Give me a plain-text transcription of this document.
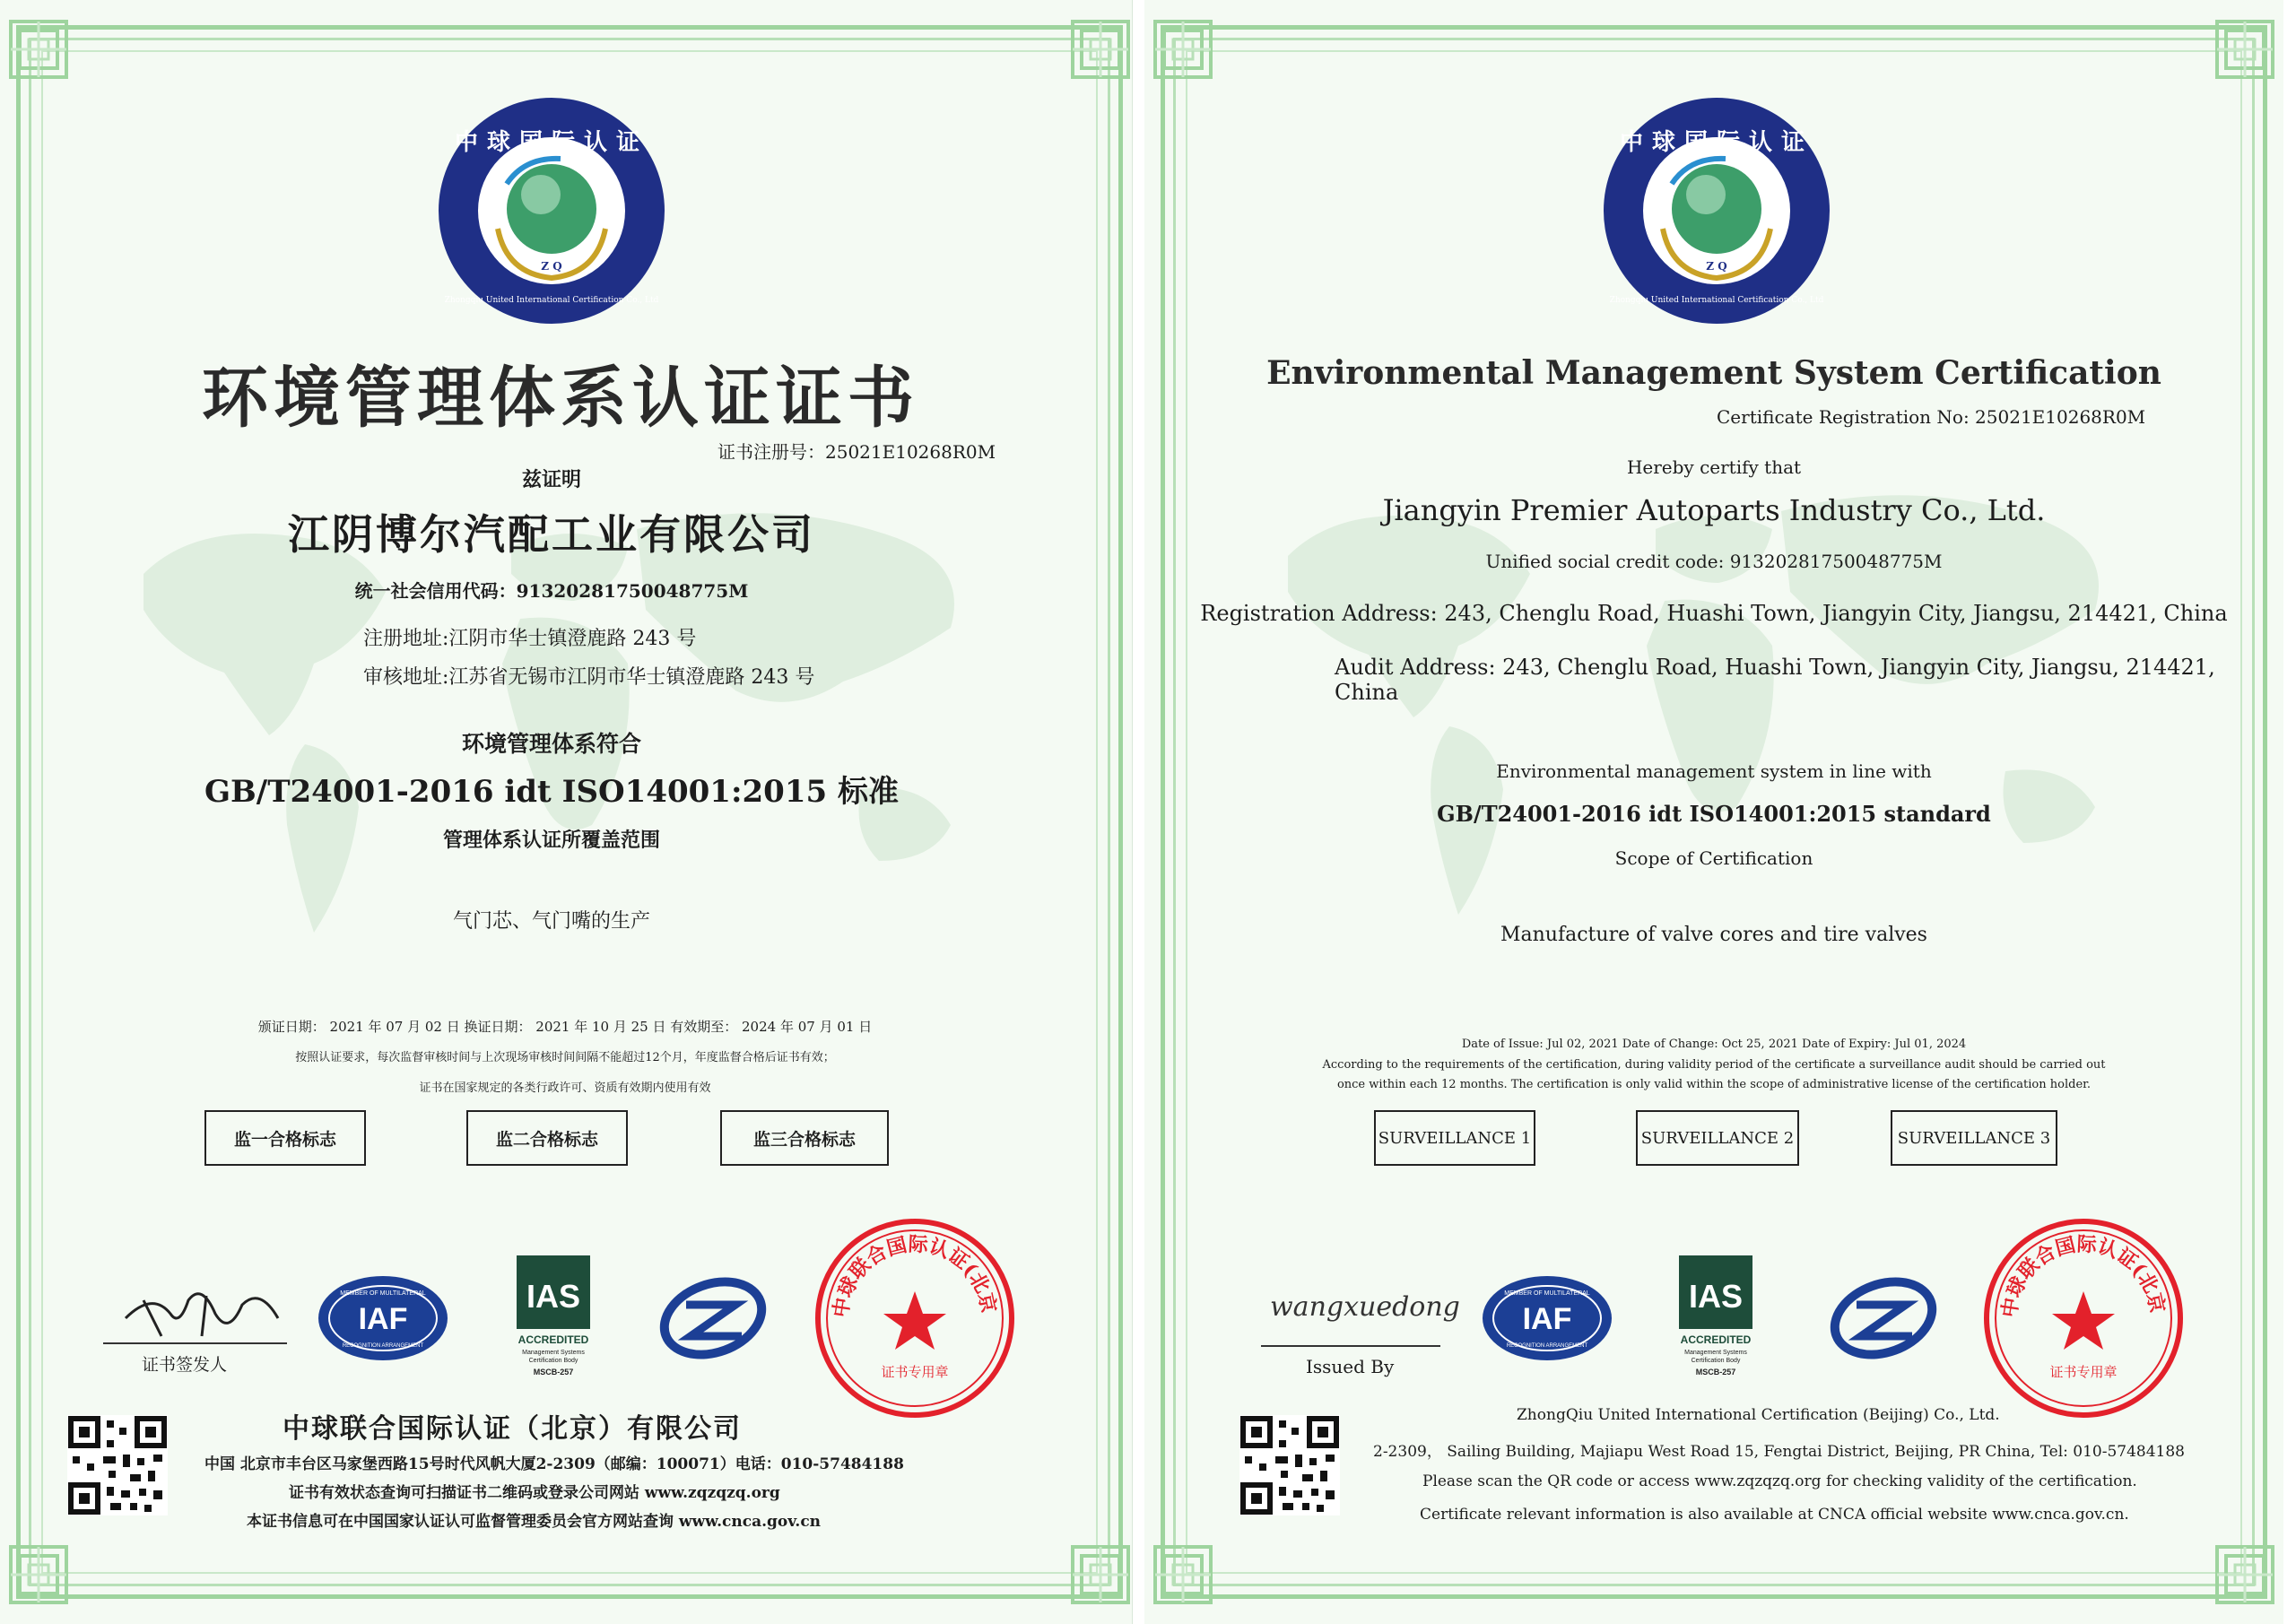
中球国际认证
Zhongqiu United International Certification Co., Ltd
Z Q
环境管理体系认证证书
证书注册号：25021E10268R0M
兹证明
江阴博尔汽配工业有限公司
统一社会信用代码：91320281750048775M
注册地址:江阴市华士镇澄鹿路 243 号
审核地址:江苏省无锡市江阴市华士镇澄鹿路 243 号
环境管理体系符合
GB/T24001-2016 idt ISO14001:2015 标准
管理体系认证所覆盖范围
气门芯、气门嘴的生产
颁证日期： 2021 年 07 月 02 日 换证日期： 2021 年 10 月 25 日 有效期至： 2024 年 07 月 01 日
按照认证要求，每次监督审核时间与上次现场审核时间间隔不能超过12个月，年度监督合格后证书有效；
证书在国家规定的各类行政许可、资质有效期内使用有效
监一合格标志	监二合格标志	监三合格标志
证书签发人
IAF
MEMBER OF MULTILATERAL
RECOGNITION ARRANGEMENT
IAS
ACCREDITED
Management Systems
Certification Body
MSCB-257
中球联合国际认证(北京
证书专用章
中球联合国际认证（北京）有限公司
中国 北京市丰台区马家堡西路15号时代风帆大厦2-2309（邮编：100071）电话：010-57484188
证书有效状态查询可扫描证书二维码或登录公司网站 www.zqzqzq.org
本证书信息可在中国国家认证认可监督管理委员会官方网站查询 www.cnca.gov.cn
中球国际认证
Zhongqiu United International Certification Co., Ltd
Z Q
Environmental Management System Certification
Certificate Registration No: 25021E10268R0M
Hereby certify that
Jiangyin Premier Autoparts Industry Co., Ltd.
Unified social credit code: 91320281750048775M
Registration Address: 243, Chenglu Road, Huashi Town, Jiangyin City, Jiangsu, 214421, China
Audit Address: 243, Chenglu Road, Huashi Town, Jiangyin City, Jiangsu, 214421, China
Environmental management system in line with
GB/T24001-2016 idt ISO14001:2015 standard
Scope of Certification
Manufacture of valve cores and tire valves
Date of Issue: Jul 02, 2021 Date of Change: Oct 25, 2021 Date of Expiry: Jul 01, 2024
According to the requirements of the certification, during validity period of the certificate a surveillance audit should be carried out
once within each 12 months. The certification is only valid within the scope of administrative license of the certification holder.
SURVEILLANCE 1	SURVEILLANCE 2	SURVEILLANCE 3
wangxuedong
Issued By
IAF
MEMBER OF MULTILATERAL
RECOGNITION ARRANGEMENT
IAS
ACCREDITED
Management Systems
Certification Body
MSCB-257
中球联合国际认证(北京
证书专用章
ZhongQiu United International Certification (Beijing) Co., Ltd.
2-2309， Sailing Building, Majiapu West Road 15, Fengtai District, Beijing, PR China, Tel: 010-57484188
Please scan the QR code or access www.zqzqzq.org for checking validity of the certification.
Certificate relevant information is also available at CNCA official website www.cnca.gov.cn.
